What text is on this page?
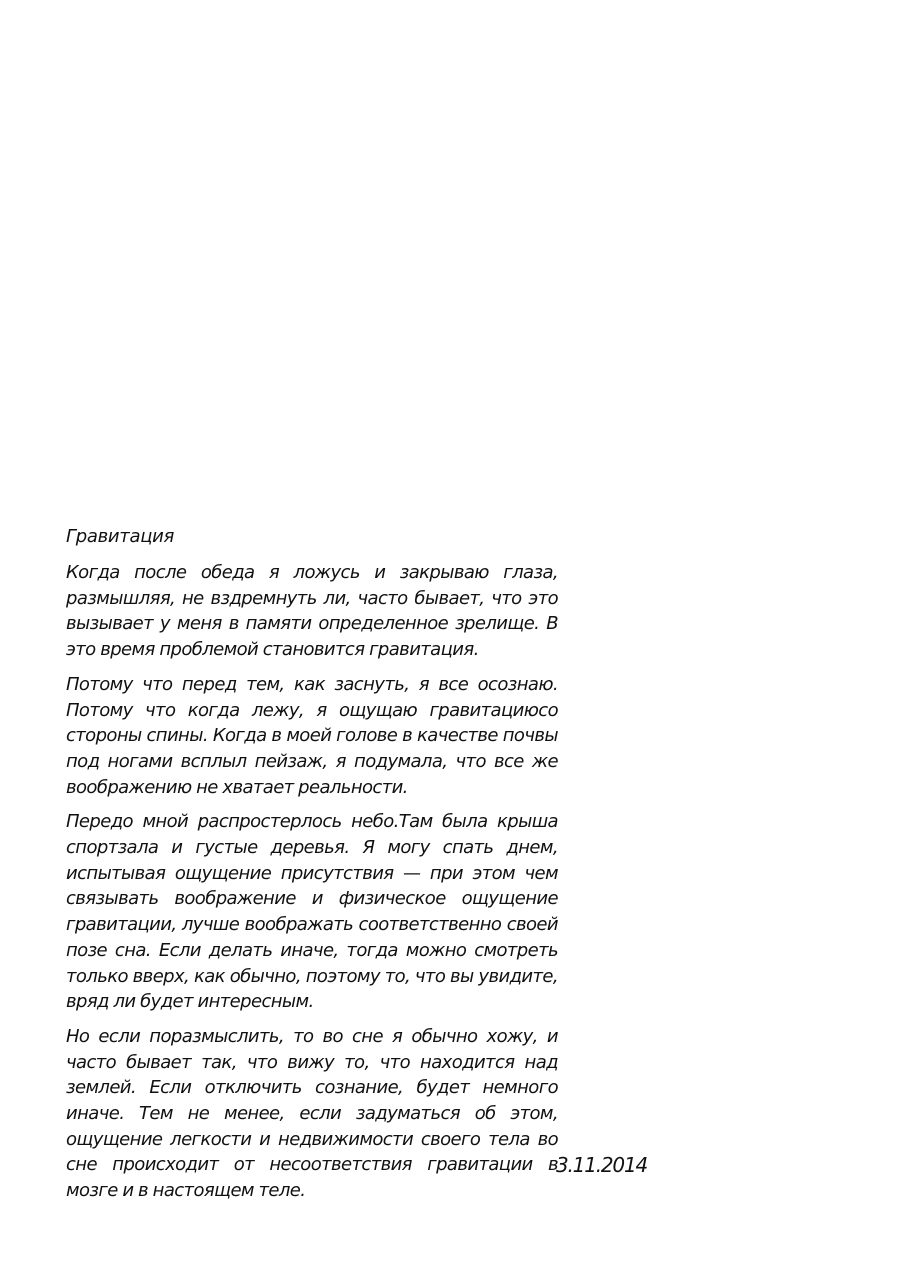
Гравитация

Когда после обеда я ложусь и закрываю глаза, размышляя, не вздремнуть ли, часто бывает, что это вызывает у меня в памяти определенное зрелище. В это время проблемой становится гравитация.

Потому что перед тем, как заснуть, я все осознаю. Потому что когда лежу, я ощущаю гравитациюсо стороны спины. Когда в моей голове в качестве почвы под ногами всплыл пейзаж, я подумала, что все же воображению не хватает реальности.

Передо мной распростерлось небо.Там была крыша спортзала и густые деревья. Я могу спать днем, испытывая ощущение присутствия — при этом чем связывать воображение и физическое ощущение гравитации, лучше воображать соответственно своей позе сна. Если делать иначе, тогда можно смотреть только вверх, как обычно, поэтому то, что вы увидите, вряд ли будет интересным.

Но если поразмыслить, то во сне я обычно хожу, и часто бывает так, что вижу то, что находится над землей. Если отключить сознание, будет немного иначе. Тем не менее, если задуматься об этом, ощущение легкости и недвижимости своего тела во сне происходит от несоответствия гравитации в мозге и в настоящем теле.

3.11.2014
